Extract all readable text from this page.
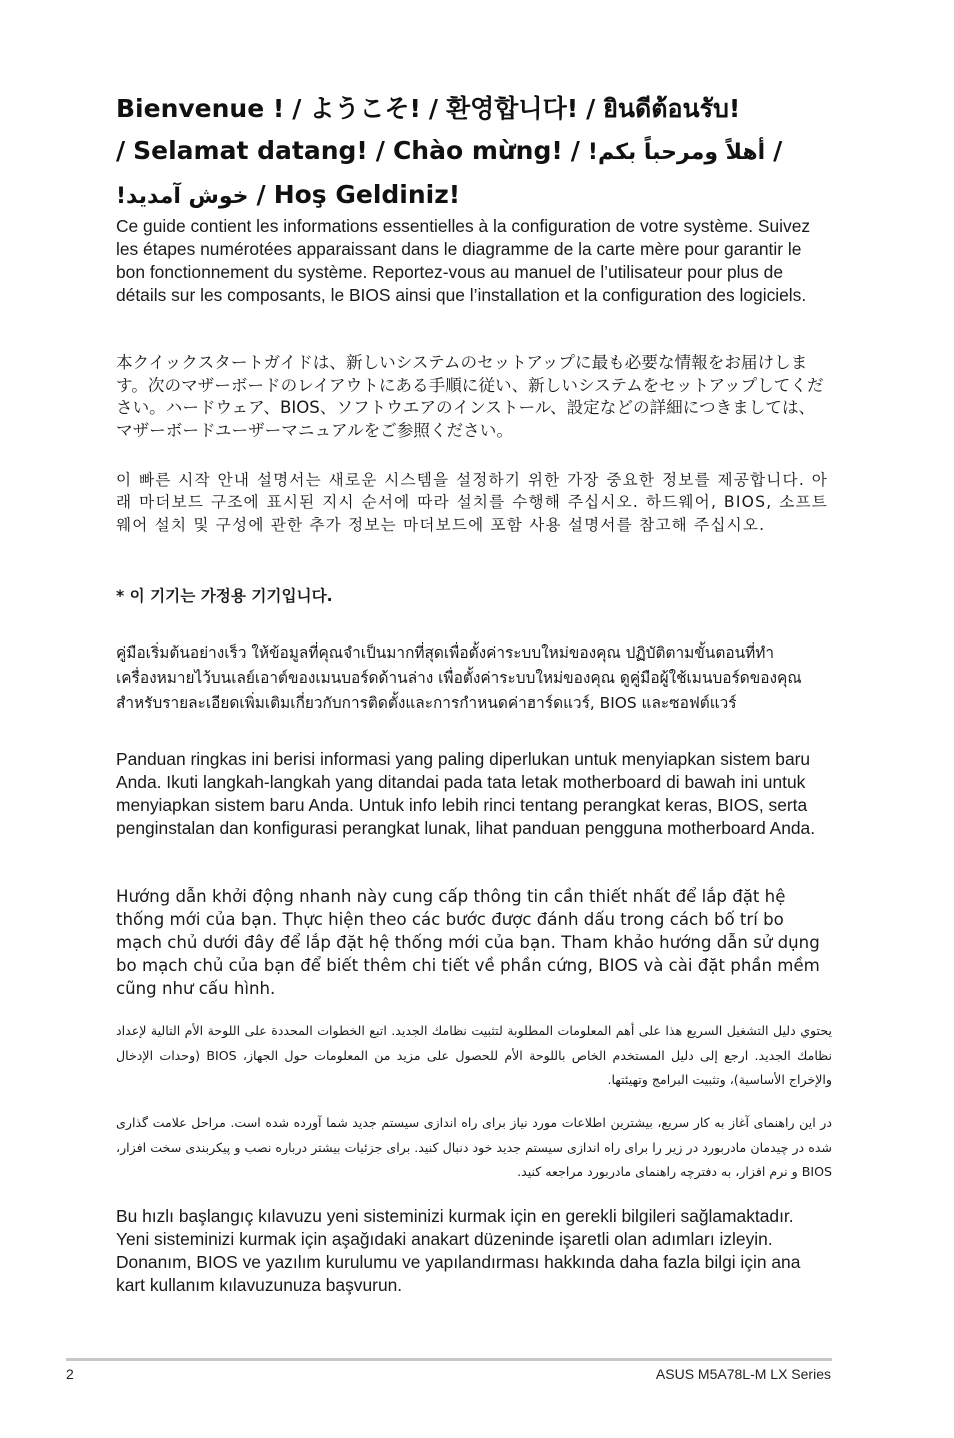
Bienvenue ! / ようこそ! / 환영합니다! / ยินดีต้อนรับ!
/ Selamat datang! / Chào mừng! / أهلاً ومرحباً بكم! /
خوش آمدید! / Hoş Geldiniz!

Ce guide contient les informations essentielles à la configuration de votre système. Suivez les étapes numérotées apparaissant dans le diagramme de la carte mère pour garantir le bon fonctionnement du système. Reportez-vous au manuel de l’utilisateur pour plus de détails sur les composants, le BIOS ainsi que l’installation et la configuration des logiciels.

本クイックスタートガイドは、新しいシステムのセットアップに最も必要な情報をお届けします。次のマザーボードのレイアウトにある手順に従い、新しいシステムをセットアップしてください。ハードウェア、BIOS、ソフトウエアのインストール、設定などの詳細につきましては、マザーボードユーザーマニュアルをご参照ください。

이 빠른 시작 안내 설명서는 새로운 시스템을 설정하기 위한 가장 중요한 정보를 제공합니다. 아래 마더보드 구조에 표시된 지시 순서에 따라 설치를 수행해 주십시오. 하드웨어, BIOS, 소프트웨어 설치 및 구성에 관한 추가 정보는 마더보드에 포함 사용 설명서를 참고해 주십시오.

* 이 기기는 가정용 기기입니다.

คู่มือเริ่มต้นอย่างเร็ว ให้ข้อมูลที่คุณจำเป็นมากที่สุดเพื่อตั้งค่าระบบใหม่ของคุณ ปฏิบัติตามขั้นตอนที่ทำเครื่องหมายไว้บนเลย์เอาต์ของเมนบอร์ดด้านล่าง เพื่อตั้งค่าระบบใหม่ของคุณ ดูคู่มือผู้ใช้เมนบอร์ดของคุณสำหรับรายละเอียดเพิ่มเติมเกี่ยวกับการติดตั้งและการกำหนดค่าฮาร์ดแวร์, BIOS และซอฟต์แวร์

Panduan ringkas ini berisi informasi yang paling diperlukan untuk menyiapkan sistem baru Anda. Ikuti langkah-langkah yang ditandai pada tata letak motherboard di bawah ini untuk menyiapkan sistem baru Anda. Untuk info lebih rinci tentang perangkat keras, BIOS, serta penginstalan dan konfigurasi perangkat lunak, lihat panduan pengguna motherboard Anda.

Hướng dẫn khởi động nhanh này cung cấp thông tin cần thiết nhất để lắp đặt hệ thống mới của bạn. Thực hiện theo các bước được đánh dấu trong cách bố trí bo mạch chủ dưới đây để lắp đặt hệ thống mới của bạn. Tham khảo hướng dẫn sử dụng bo mạch chủ của bạn để biết thêm chi tiết về phần cứng, BIOS và cài đặt phần mềm cũng như cấu hình.

يحتوي دليل التشغيل السريع هذا على أهم المعلومات المطلوبة لتثبيت نظامك الجديد. اتبع الخطوات المحددة على اللوحة الأم التالية لإعداد نظامك الجديد. ارجع إلى دليل المستخدم الخاص باللوحة الأم للحصول على مزيد من المعلومات حول الجهاز، BIOS (وحدات الإدخال والإخراج الأساسية)، وتثبيت البرامج وتهيئتها.

در این راهنمای آغاز به کار سریع، بیشترین اطلاعات مورد نیاز برای راه اندازی سیستم جدید شما آورده شده است. مراحل علامت گذاری شده در چیدمان مادربورد در زیر را برای راه اندازی سیستم جدید خود دنبال کنید. برای جزئیات بیشتر درباره نصب و پیکربندی سخت افزار، BIOS و نرم افزار، به دفترچه راهنمای مادربورد مراجعه کنید.

Bu hızlı başlangıç kılavuzu yeni sisteminizi kurmak için en gerekli bilgileri sağlamaktadır. Yeni sisteminizi kurmak için aşağıdaki anakart düzeninde işaretli olan adımları izleyin. Donanım, BIOS ve yazılım kurulumu ve yapılandırması hakkında daha fazla bilgi için ana kart kullanım kılavuzunuza başvurun.

2	ASUS M5A78L-M LX Series
